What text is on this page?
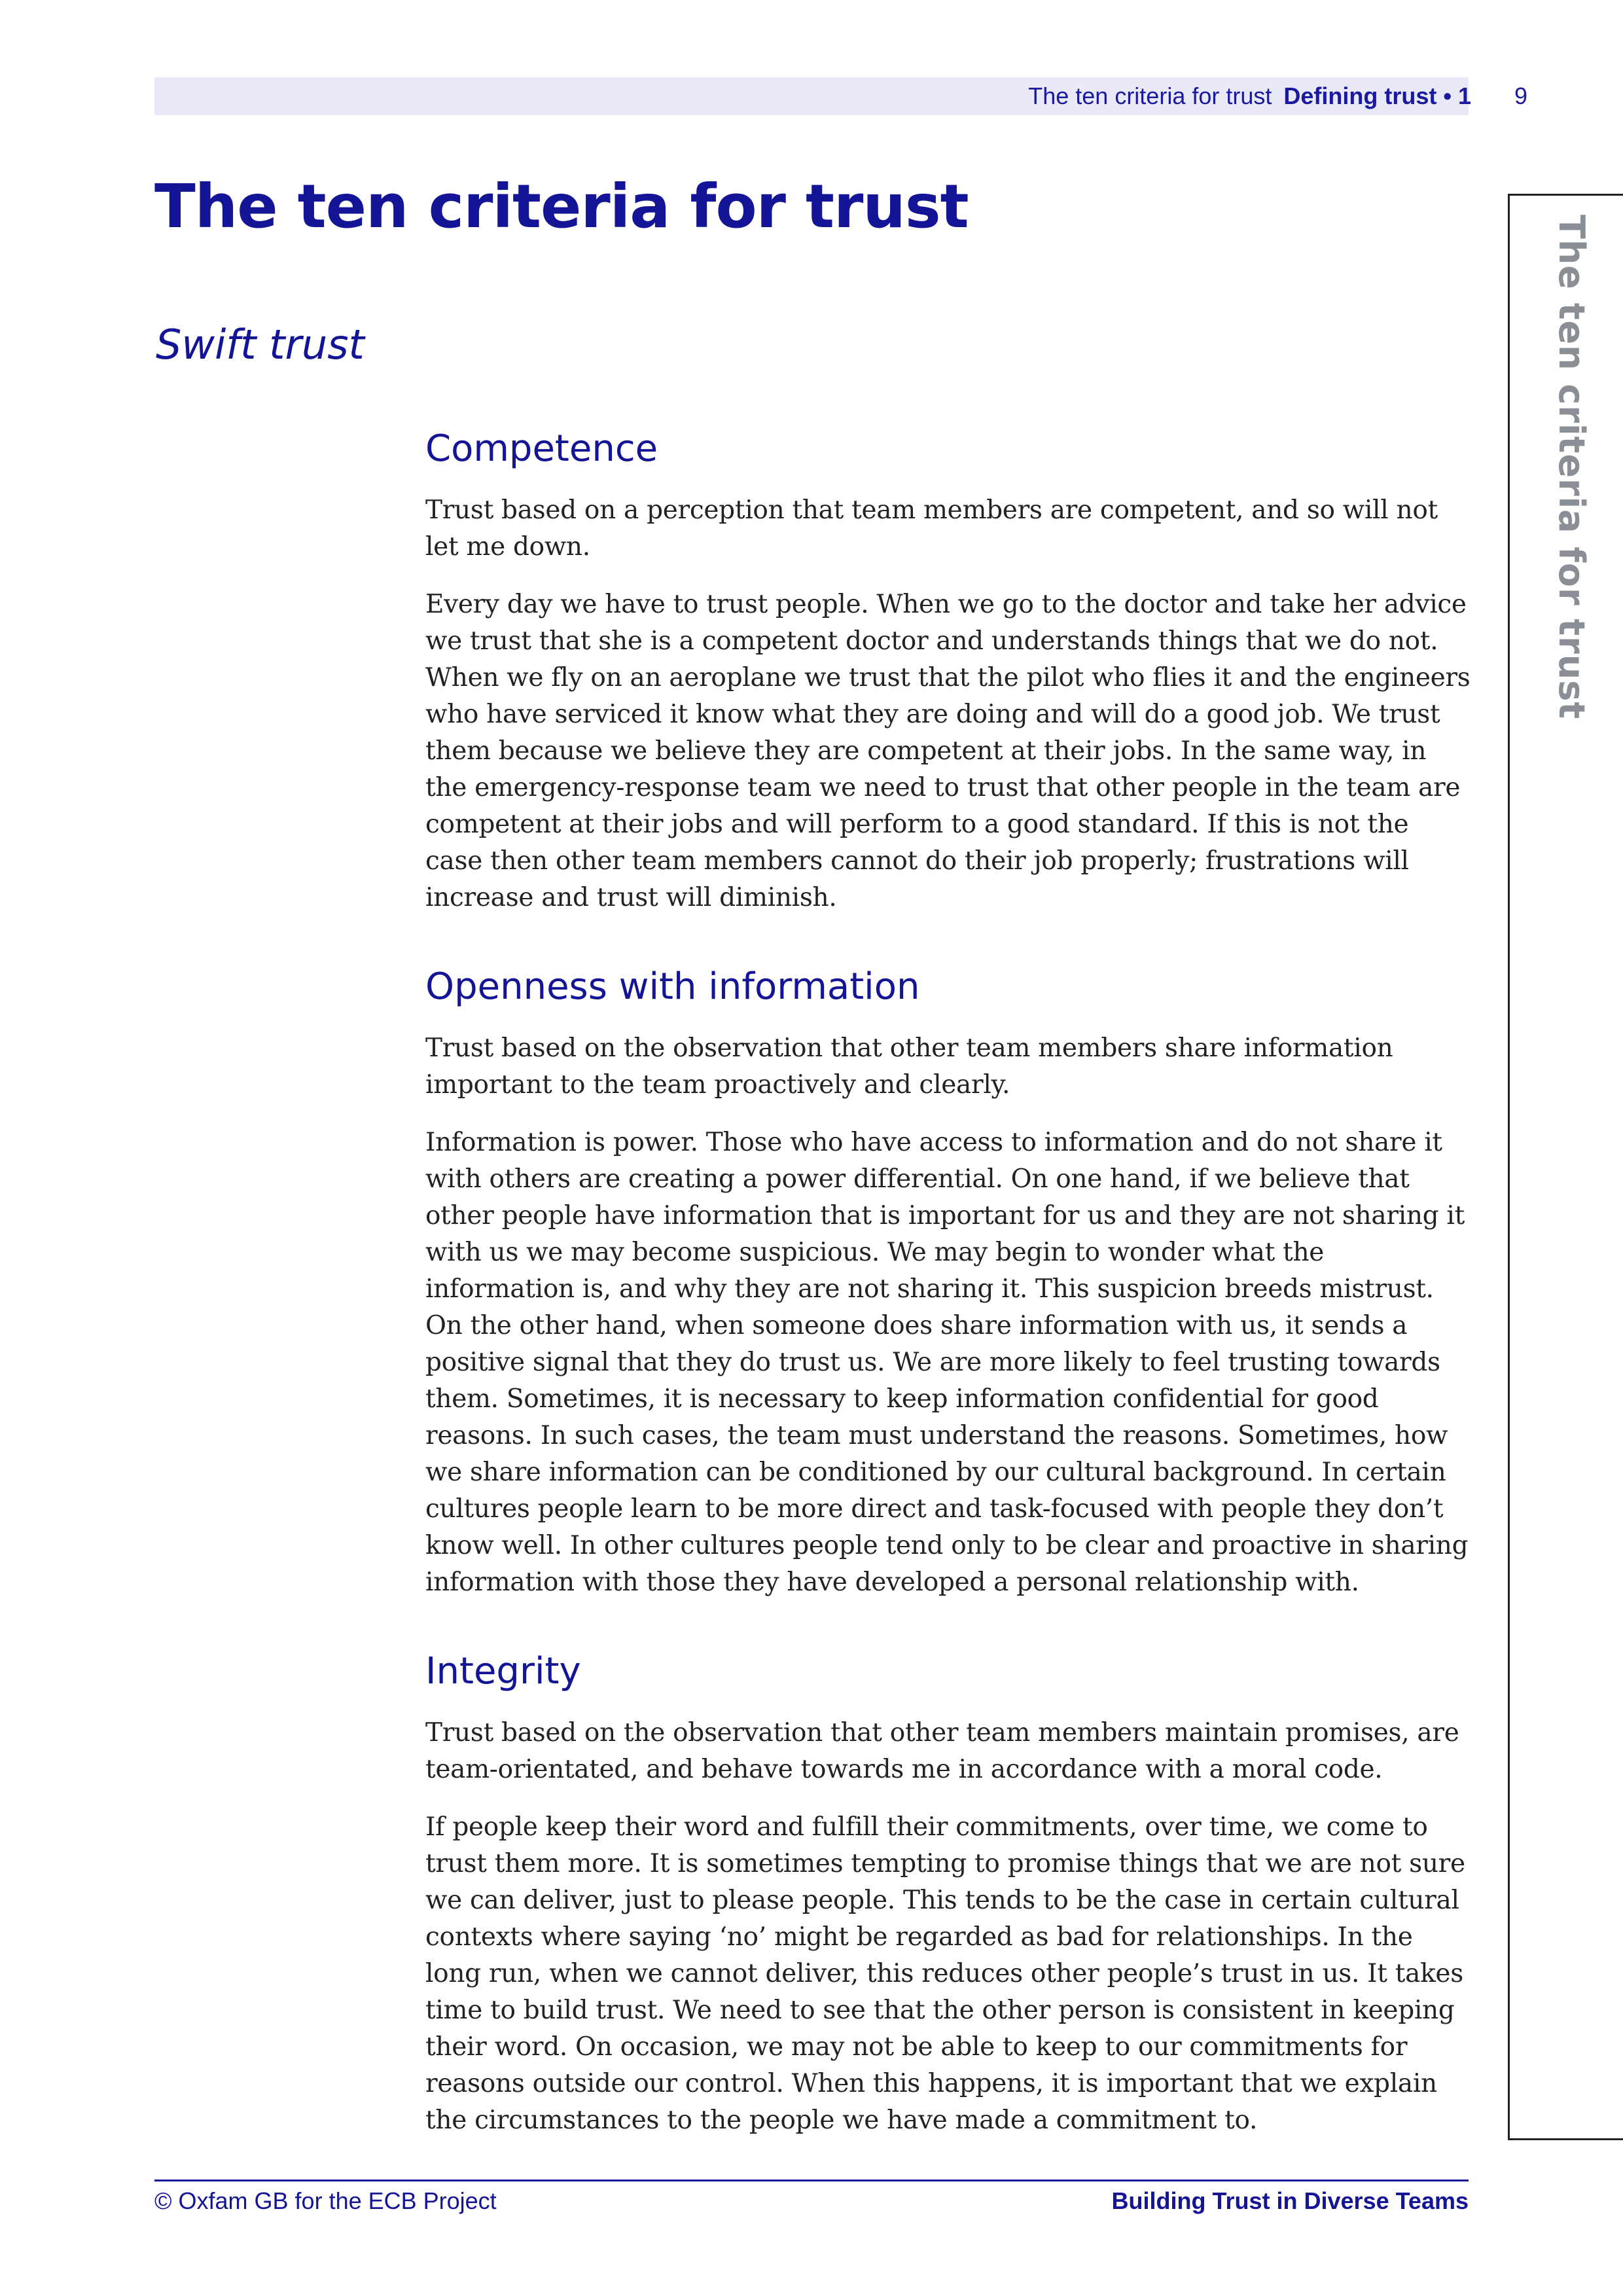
The ten criteria for trust Defining trust • 1 9
The ten criteria for trust
The ten criteria for trust
Swift trust
Competence

Trust based on a perception that team members are competent, and so will not let me down.

Every day we have to trust people. When we go to the doctor and take her advice we trust that she is a competent doctor and understands things that we do not. When we fly on an aeroplane we trust that the pilot who flies it and the engineers who have serviced it know what they are doing and will do a good job. We trust them because we believe they are competent at their jobs. In the same way, in the emergency-response team we need to trust that other people in the team are competent at their jobs and will perform to a good standard. If this is not the case then other team members cannot do their job properly; frustrations will increase and trust will diminish.

Openness with information

Trust based on the observation that other team members share information important to the team proactively and clearly.

Information is power. Those who have access to information and do not share it with others are creating a power differential. On one hand, if we believe that other people have information that is important for us and they are not sharing it with us we may become suspicious. We may begin to wonder what the information is, and why they are not sharing it. This suspicion breeds mistrust. On the other hand, when someone does share information with us, it sends a positive signal that they do trust us. We are more likely to feel trusting towards them. Sometimes, it is necessary to keep information confidential for good reasons. In such cases, the team must understand the reasons. Sometimes, how we share information can be conditioned by our cultural background. In certain cultures people learn to be more direct and task-focused with people they don’t know well. In other cultures people tend only to be clear and proactive in sharing information with those they have developed a personal relationship with.

Integrity

Trust based on the observation that other team members maintain promises, are team-orientated, and behave towards me in accordance with a moral code.

If people keep their word and fulfill their commitments, over time, we come to trust them more. It is sometimes tempting to promise things that we are not sure we can deliver, just to please people. This tends to be the case in certain cultural contexts where saying ‘no’ might be regarded as bad for relationships. In the long run, when we cannot deliver, this reduces other people’s trust in us. It takes time to build trust. We need to see that the other person is consistent in keeping their word. On occasion, we may not be able to keep to our commitments for reasons outside our control. When this happens, it is important that we explain the circumstances to the people we have made a commitment to.

© Oxfam GB for the ECB Project	Building Trust in Diverse Teams
